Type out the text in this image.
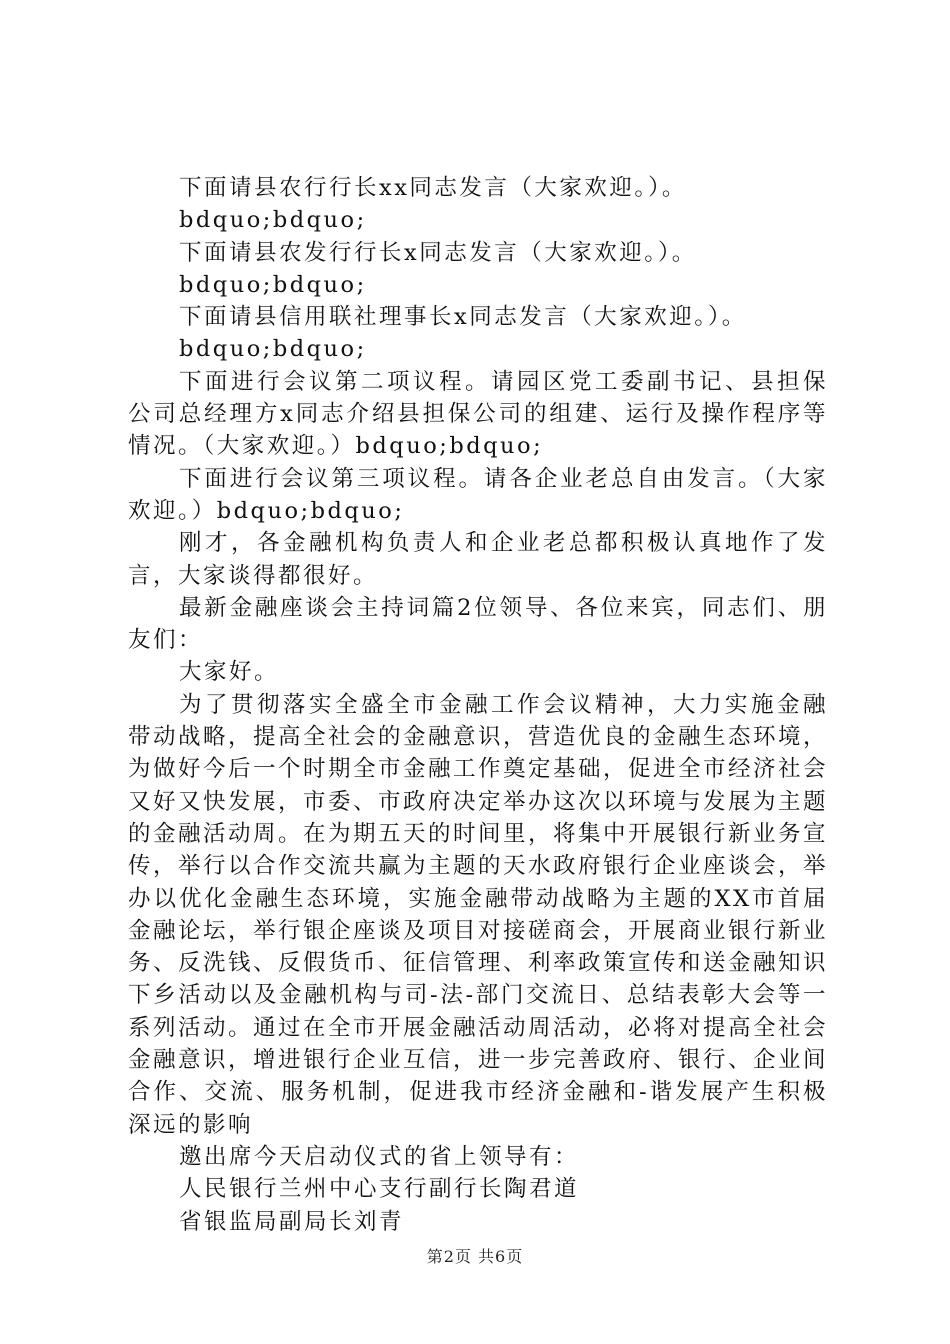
下面请县农行行长xx同志发言（大家欢迎。）。

bdquo;bdquo;

下面请县农发行行长x同志发言（大家欢迎。）。

bdquo;bdquo;

下面请县信用联社理事长x同志发言（大家欢迎。）。

bdquo;bdquo;

下面进行会议第二项议程。请园区党工委副书记、县担保公司总经理方x同志介绍县担保公司的组建、运行及操作程序等情况。（大家欢迎。）bdquo;bdquo;

下面进行会议第三项议程。请各企业老总自由发言。（大家欢迎。）bdquo;bdquo;

刚才，各金融机构负责人和企业老总都积极认真地作了发言，大家谈得都很好。

最新金融座谈会主持词篇2位领导、各位来宾，同志们、朋友们：

大家好。

为了贯彻落实全盛全市金融工作会议精神，大力实施金融带动战略，提高全社会的金融意识，营造优良的金融生态环境，为做好今后一个时期全市金融工作奠定基础，促进全市经济社会又好又快发展，市委、市政府决定举办这次以环境与发展为主题的金融活动周。在为期五天的时间里，将集中开展银行新业务宣传，举行以合作交流共赢为主题的天水政府银行企业座谈会，举办以优化金融生态环境，实施金融带动战略为主题的XX市首届金融论坛，举行银企座谈及项目对接磋商会，开展商业银行新业务、反洗钱、反假货币、征信管理、利率政策宣传和送金融知识下乡活动以及金融机构与司-法-部门交流日、总结表彰大会等一系列活动。通过在全市开展金融活动周活动，必将对提高全社会金融意识，增进银行企业互信，进一步完善政府、银行、企业间合作、交流、服务机制，促进我市经济金融和-谐发展产生积极深远的影响

邀出席今天启动仪式的省上领导有：

人民银行兰州中心支行副行长陶君道

省银监局副局长刘青

第2页 共6页
